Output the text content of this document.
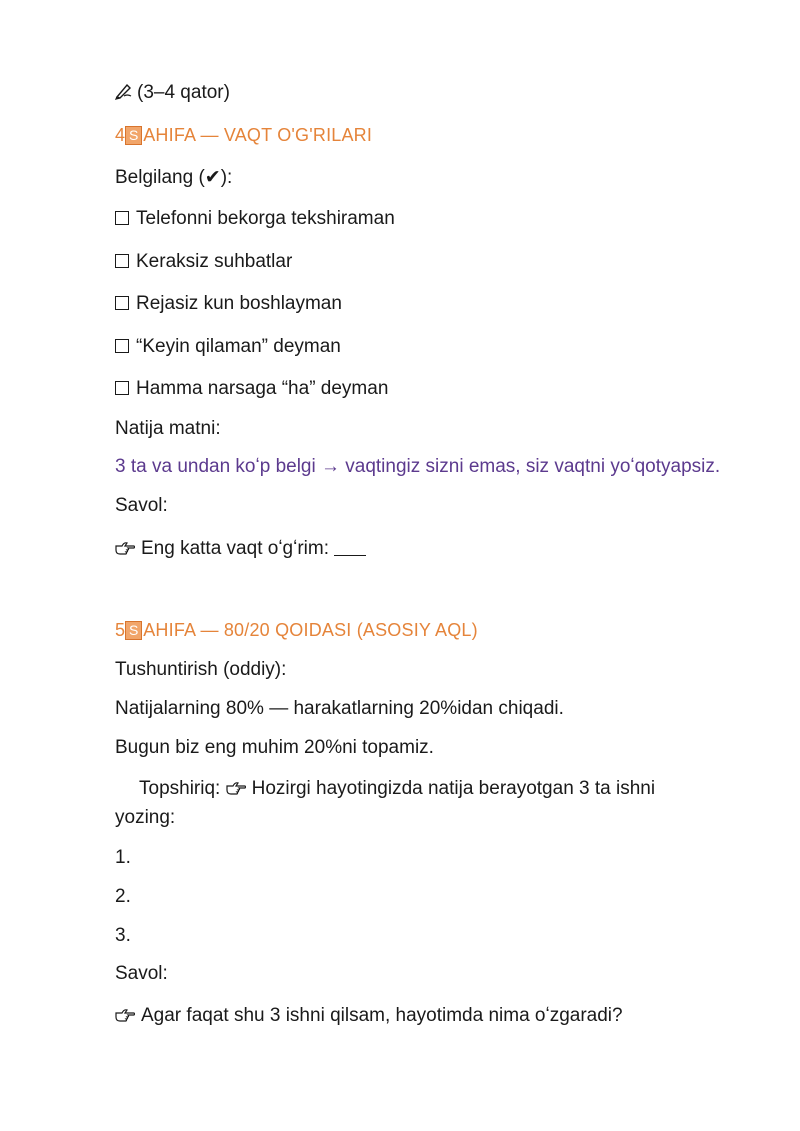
(3–4 qator)
4 S AHIFA — VAQT O'G'RILARI
Belgilang (✔):
Telefonni bekorga tekshiraman
Keraksiz suhbatlar
Rejasiz kun boshlayman
“Keyin qilaman” deyman
Hamma narsaga “ha” deyman
Natija matni:
3 ta va undan koʻp belgi → vaqtingiz sizni emas, siz vaqtni yoʻqotyapsiz.
Savol:
Eng katta vaqt oʻgʻrim:
5 S AHIFA — 80/20 QOIDASI (ASOSIY AQL)
Tushuntirish (oddiy):
Natijalarning 80% — harakatlarning 20%idan chiqadi.
Bugun biz eng muhim 20%ni topamiz.
Topshiriq: Hozirgi hayotingizda natija berayotgan 3 ta ishni
yozing:
1.
2.
3.
Savol:
Agar faqat shu 3 ishni qilsam, hayotimda nima oʻzgaradi?
